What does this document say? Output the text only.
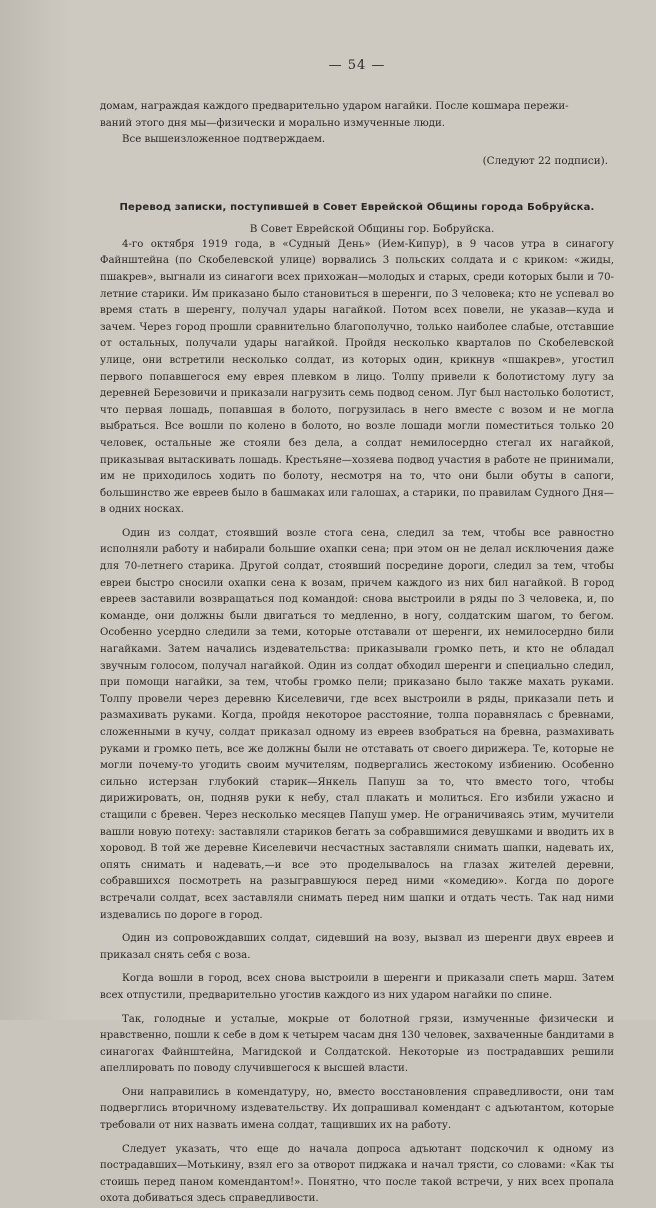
— 54 —

домам, награждая каждого предварительно ударом нагайки. После кошмара пережи-

ваний этого дня мы—физически и морально измученные люди.

Все вышеизложенное подтверждаем.

(Следуют 22 подписи).
Перевод записки, поступившей в Совет Еврейской Общины города Бобруйска.
В Совет Еврейской Общины гор. Бобруйска.

4-го октября 1919 года, в «Судный День» (Ием-Кипур), в 9 часов утра в синагогу Файнштейна (по Скобелевской улице) ворвались 3 польских солдата и с криком: «жиды, пшакрев», выгнали из синагоги всех прихожан—молодых и старых, среди которых были и 70-летние старики. Им приказано было становиться в шеренги, по 3 человека; кто не успевал во время стать в шеренгу, получал удары нагайкой. Потом всех повели, не указав—куда и зачем. Через город прошли сравнительно благополучно, только наиболее слабые, отставшие от остальных, получали удары нагайкой. Пройдя несколько кварталов по Скобелевской улице, они встретили несколько солдат, из которых один, крикнув «пшакрев», угостил первого попавшегося ему еврея плевком в лицо. Толпу привели к болотистому лугу за деревней Березовичи и приказали нагрузить семь подвод сеном. Луг был настолько болотист, что первая лошадь, попавшая в болото, погрузилась в него вместе с возом и не могла выбраться. Все вошли по колено в болото, но возле лошади могли поместиться только 20 человек, остальные же стояли без дела, а солдат немилосердно стегал их нагайкой, приказывая вытаскивать лошадь. Крестьяне—хозяева подвод участия в работе не принимали, им не приходилось ходить по болоту, несмотря на то, что они были обуты в сапоги, большинство же евреев было в башмаках или галошах, а старики, по правилам Судного Дня—в одних носках.

Один из солдат, стоявший возле стога сена, следил за тем, чтобы все равностно исполняли работу и набирали большие охапки сена; при этом он не делал исключения даже для 70-летнего старика. Другой солдат, стоявший посредине дороги, следил за тем, чтобы евреи быстро сносили охапки сена к возам, причем каждого из них бил нагайкой. В город евреев заставили возвращаться под командой: снова выстроили в ряды по 3 человека, и, по команде, они должны были двигаться то медленно, в ногу, солдатским шагом, то бегом. Особенно усердно следили за теми, которые отставали от шеренги, их немилосердно били нагайками. Затем начались издевательства: приказывали громко петь, и кто не обладал звучным голосом, получал нагайкой. Один из солдат обходил шеренги и специально следил, при помощи нагайки, за тем, чтобы громко пели; приказано было также махать руками. Толпу провели через деревню Киселевичи, где всех выстроили в ряды, приказали петь и размахивать руками. Когда, пройдя некоторое расстояние, толпа поравнялась с бревнами, сложенными в кучу, солдат приказал одному из евреев взобраться на бревна, размахивать руками и громко петь, все же должны были не отставать от своего дирижера. Те, которые не могли почему-то угодить своим мучителям, подвергались жестокому избиению. Особенно сильно истерзан глубокий старик—Янкель Папуш за то, что вместо того, чтобы дирижировать, он, подняв руки к небу, стал плакать и молиться. Его избили ужасно и стащили с бревен. Через несколько месяцев Папуш умер. Не ограничиваясь этим, мучители вашли новую потеху: заставляли стариков бегать за собравшимися девушками и вводить их в хоровод. В той же деревне Киселевичи несчастных заставляли снимать шапки, надевать их, опять снимать и надевать,—и все это проделывалось на глазах жителей деревни, собравшихся посмотреть на разыгравшуюся перед ними «комедию». Когда по дороге встречали солдат, всех заставляли снимать перед ним шапки и отдать честь. Так над ними издевались по дороге в город.

Один из сопровождавших солдат, сидевший на возу, вызвал из шеренги двух евреев и приказал снять себя с воза.

Когда вошли в город, всех снова выстроили в шеренги и приказали спеть марш. Затем всех отпустили, предварительно угостив каждого из них ударом нагайки по спине.

Так, голодные и усталые, мокрые от болотной грязи, измученные физически и нравственно, пошли к себе в дом к четырем часам дня 130 человек, захваченные бандитами в синагогах Файнштейна, Магидской и Солдатской. Некоторые из пострадавших решили апеллировать по поводу случившегося к высшей власти.

Они направились в комендатуру, но, вместо восстановления справедливости, они там подверглись вторичному издевательству. Их допрашивал комендант с адъютантом, которые требовали от них назвать имена солдат, тащивших их на работу.

Следует указать, что еще до начала допроса адъютант подскочил к одному из пострадавших—Мотькину, взял его за отворот пиджака и начал трясти, со словами: «Как ты стоишь перед паном комендантом!». Понятно, что после такой встречи, у них всех пропала охота добиваться здесь справедливости.
